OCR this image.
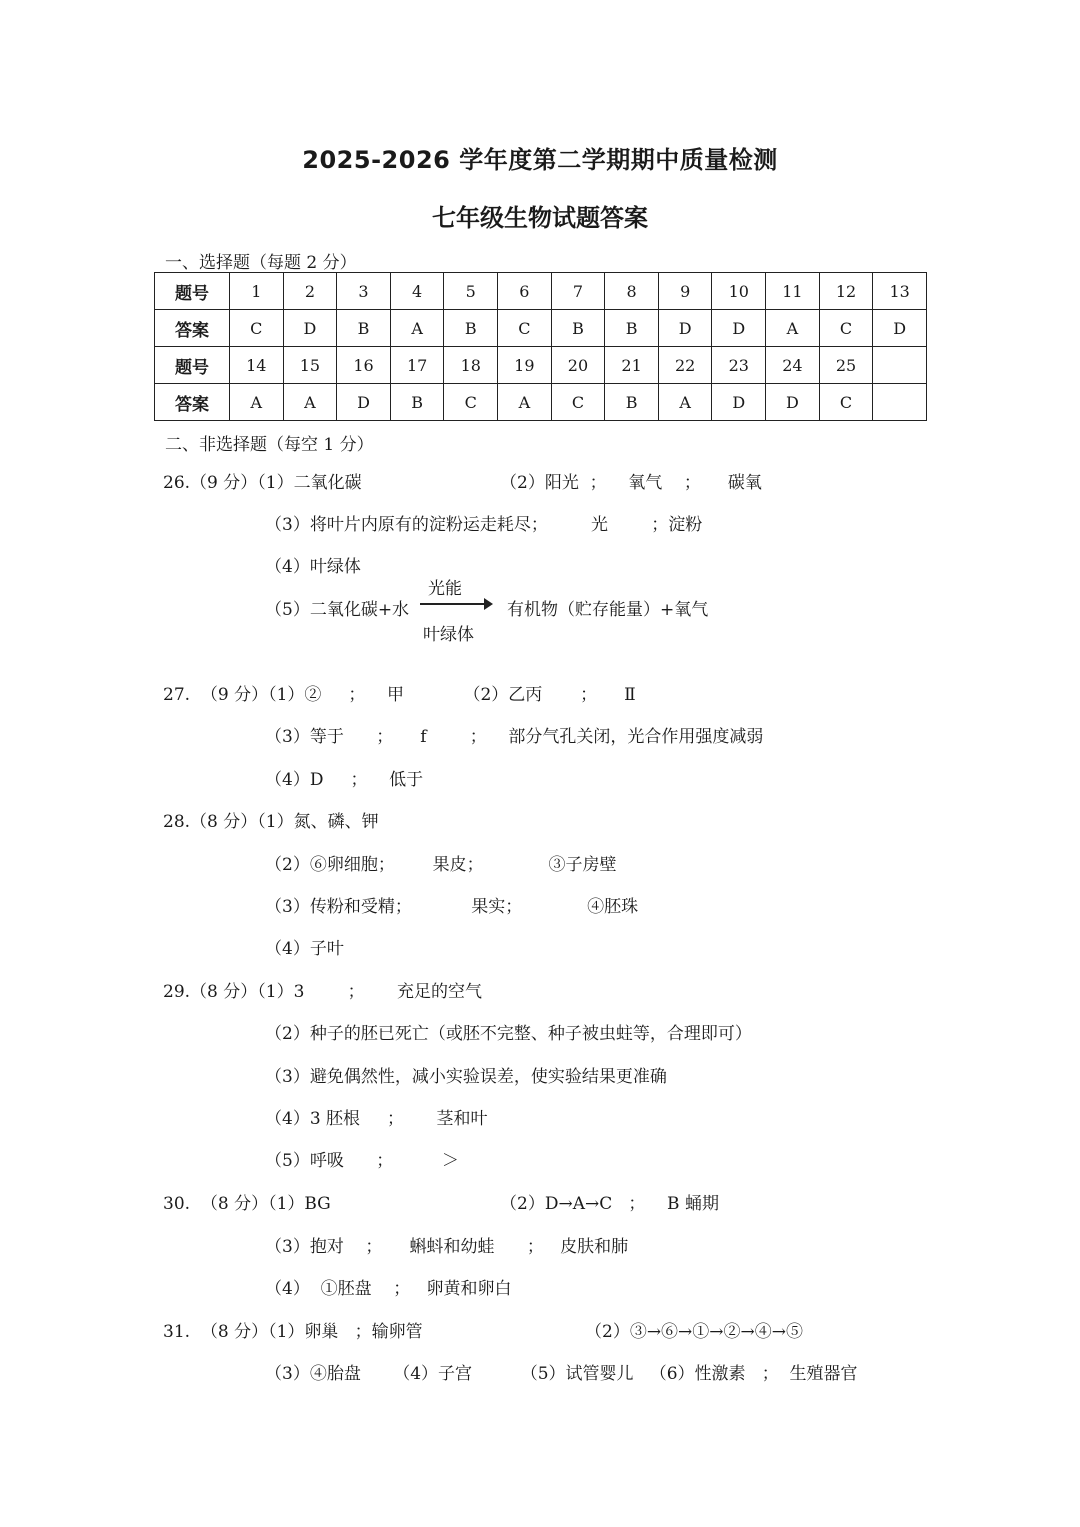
2025-2026 学年度第二学期期中质量检测
七年级生物试题答案
一、选择题（每题 2 分）
题号	1	2	3	4	5	6	7	8	9	10	11	12	13
答案	C	D	B	A	B	C	B	B	D	D	A	C	D
题号	14	15	16	17	18	19	20	21	22	23	24	25	
答案	A	A	D	B	C	A	C	B	A	D	D	C	
二、非选择题（每空 1 分）
26.（9 分）（1）二氧化碳	（2）阳光  ；    氧气    ；     碳氧
（3）将叶片内原有的淀粉运走耗尽；        光        ；淀粉
（4）叶绿体
（5）二氧化碳+水
光能
叶绿体
有机物（贮存能量）+氧气
27.  （9 分）（1）②     ；    甲           （2）乙丙       ；     Ⅱ
（3）等于      ；     f        ；    部分气孔关闭，光合作用强度减弱
（4）D     ；    低于
28.（8 分）（1）氮、磷、钾
（2）⑥卵细胞；       果皮；            ③子房壁
（3）传粉和受精；           果实；            ④胚珠
（4）子叶
29.（8 分）（1）3        ；      充足的空气
（2）种子的胚已死亡（或胚不完整、种子被虫蛀等，合理即可）
（3）避免偶然性，减小实验误差，使实验结果更准确
（4）3 胚根     ；      茎和叶
（5）呼吸      ；         ＞
30.  （8 分）（1）BG	（2）D→A→C   ；    B 蛹期
（3）抱对    ；     蝌蚪和幼蛙      ；   皮肤和肺
（4）  ①胚盘    ；   卵黄和卵白
31.  （8 分）（1）卵巢   ；输卵管	（2）③→⑥→①→②→④→⑤
（3）④胎盘      （4）子宫         （5）试管婴儿   （6）性激素   ；  生殖器官
